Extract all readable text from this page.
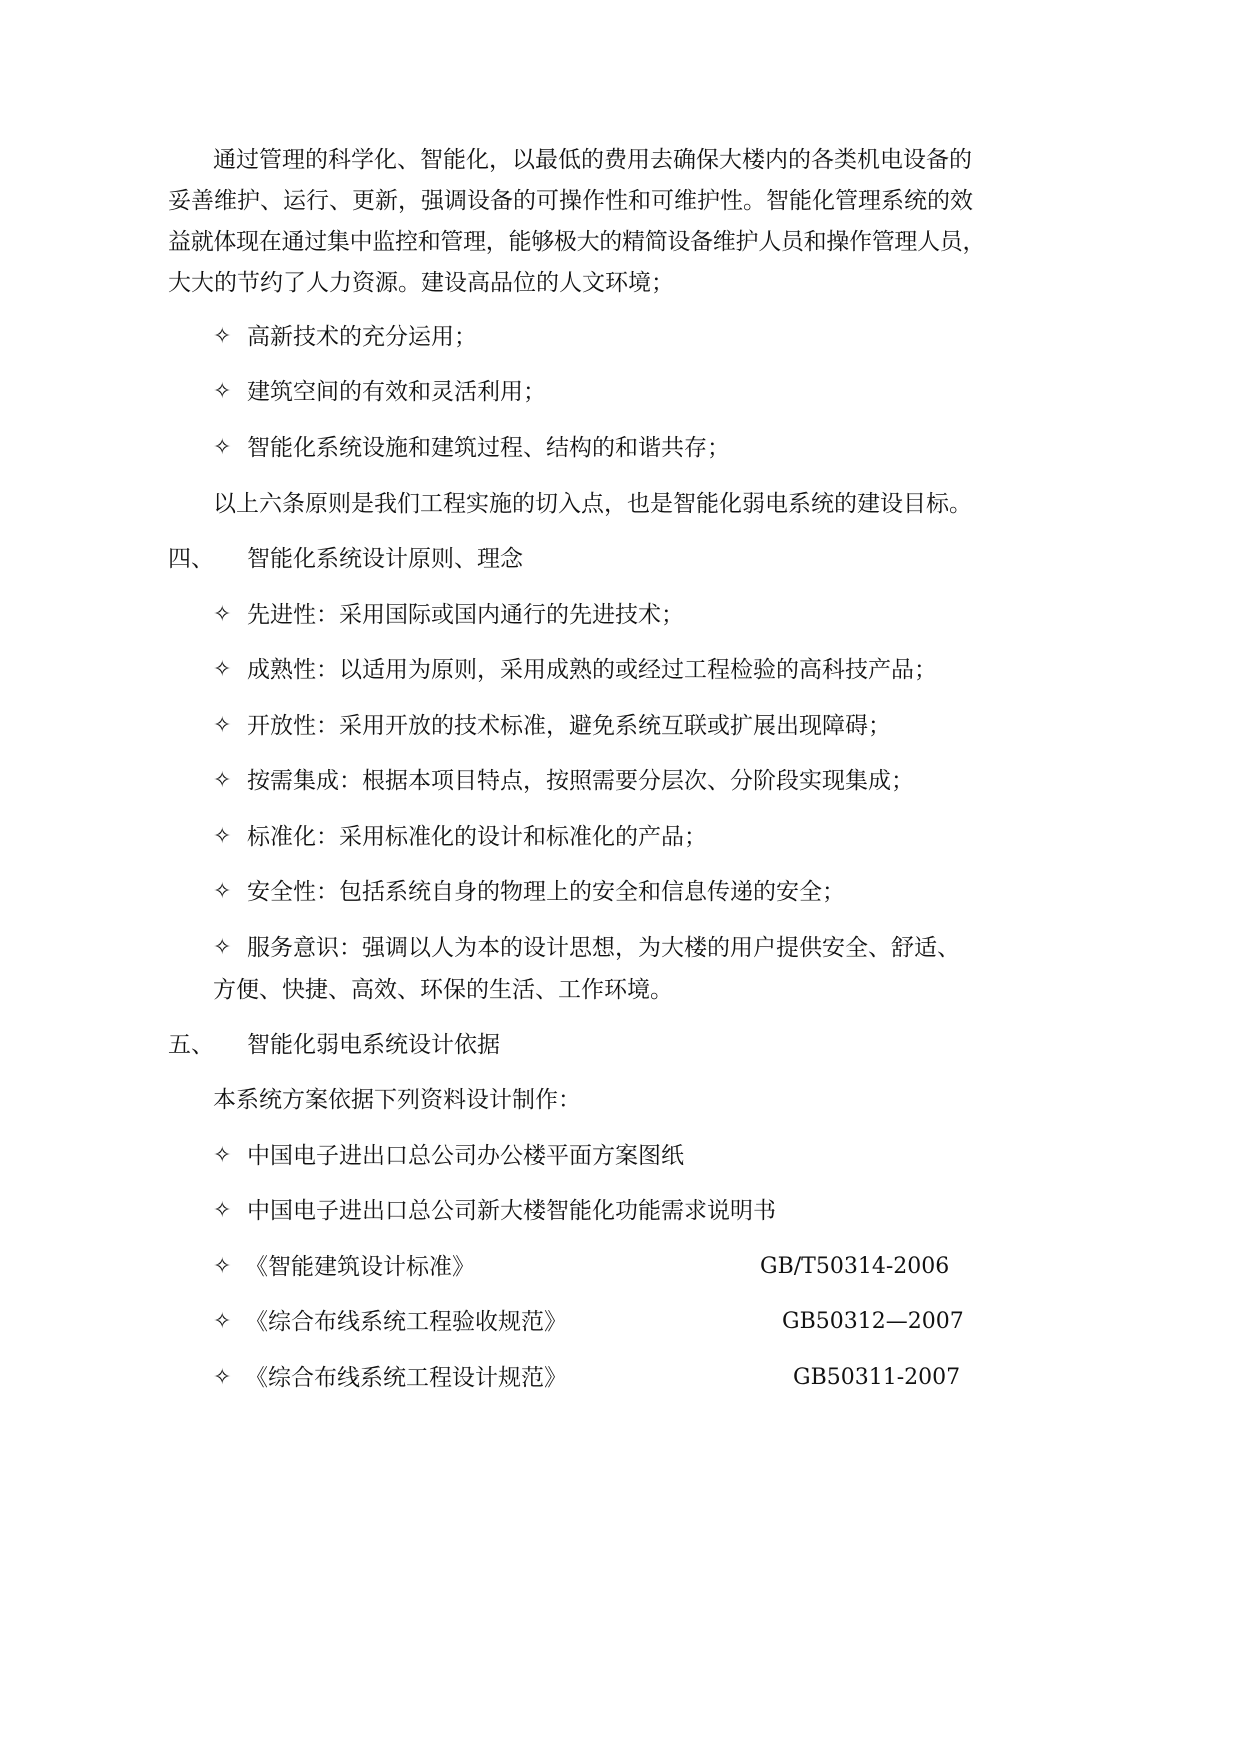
通过管理的科学化、智能化，以最低的费用去确保大楼内的各类机电设备的
妥善维护、运行、更新，强调设备的可操作性和可维护性。智能化管理系统的效
益就体现在通过集中监控和管理，能够极大的精简设备维护人员和操作管理人员，
大大的节约了人力资源。建设高品位的人文环境；
✧ 高新技术的充分运用；
✧ 建筑空间的有效和灵活利用；
✧ 智能化系统设施和建筑过程、结构的和谐共存；
以上六条原则是我们工程实施的切入点，也是智能化弱电系统的建设目标。
四、 智能化系统设计原则、理念
✧ 先进性：采用国际或国内通行的先进技术；
✧ 成熟性：以适用为原则，采用成熟的或经过工程检验的高科技产品；
✧ 开放性：采用开放的技术标准，避免系统互联或扩展出现障碍；
✧ 按需集成：根据本项目特点，按照需要分层次、分阶段实现集成；
✧ 标准化：采用标准化的设计和标准化的产品；
✧ 安全性：包括系统自身的物理上的安全和信息传递的安全；
✧ 服务意识：强调以人为本的设计思想，为大楼的用户提供安全、舒适、
方便、快捷、高效、环保的生活、工作环境。
五、 智能化弱电系统设计依据
本系统方案依据下列资料设计制作：
✧ 中国电子进出口总公司办公楼平面方案图纸
✧ 中国电子进出口总公司新大楼智能化功能需求说明书
✧ 《智能建筑设计标准》	GB/T50314-2006
✧ 《综合布线系统工程验收规范》	GB50312—2007
✧ 《综合布线系统工程设计规范》	GB50311-2007
